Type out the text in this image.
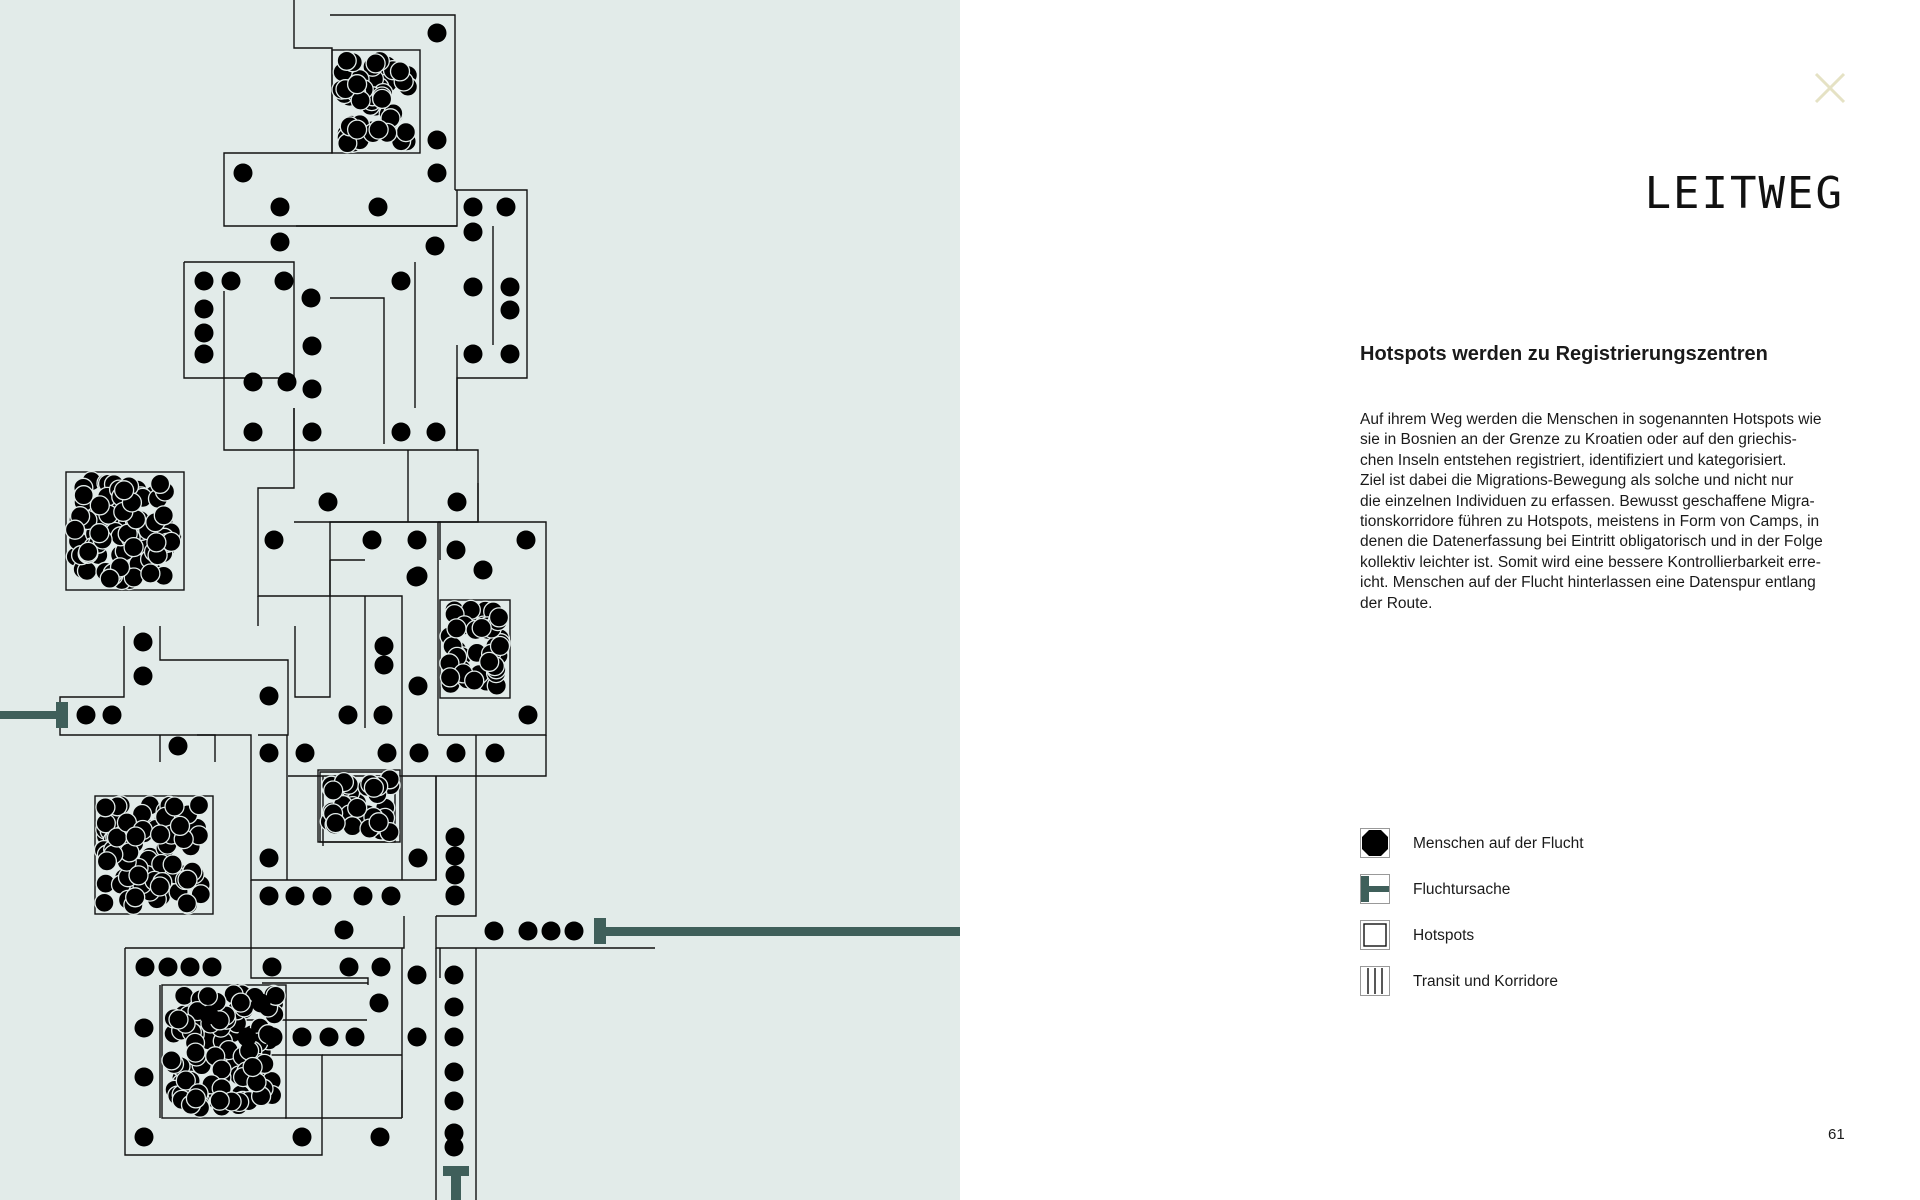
LEITWEG
Hotspots werden zu Registrierungszentren
Auf ihrem Weg werden die Menschen in sogenannten Hotspots wie
sie in Bosnien an der Grenze zu Kroatien oder auf den griechis-
chen Inseln entstehen registriert, identifiziert und kategorisiert.
Ziel ist dabei die Migrations-Bewegung als solche und nicht nur
die einzelnen Individuen zu erfassen. Bewusst geschaffene Migra-
tionskorridore führen zu Hotspots, meistens in Form von Camps, in
denen die Datenerfassung bei Eintritt obligatorisch und in der Folge
kollektiv leichter ist. Somit wird eine bessere Kontrollierbarkeit erre-
icht. Menschen auf der Flucht hinterlassen eine Datenspur entlang
der Route.
Menschen auf der Flucht
Fluchtursache
Hotspots
Transit und Korridore
61
